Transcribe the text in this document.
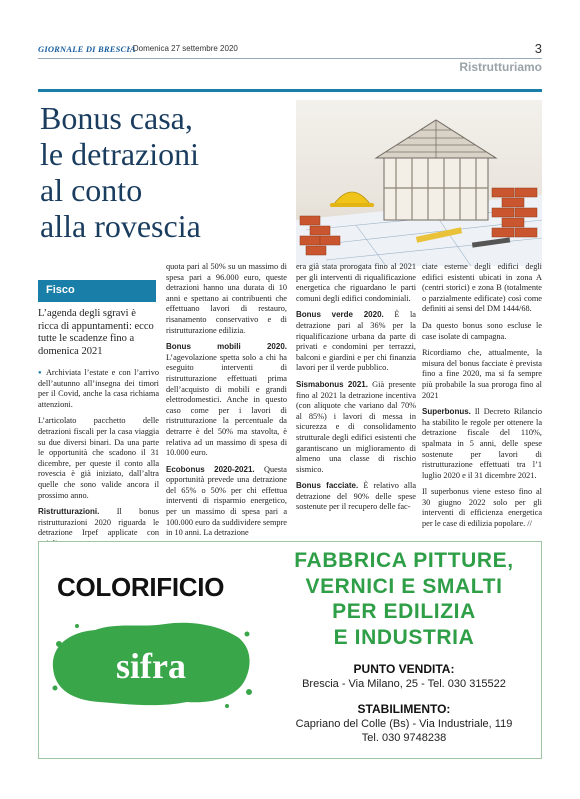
GIORNALE DI BRESCIA
· Domenica 27 settembre 2020	3
Ristrutturiamo
Bonus casa,
le detrazioni
al conto
alla rovescia
Fisco
L’agenda degli sgravi è ricca di appuntamenti: ecco tutte le scadenze fino a domenica 2021

● Archiviata l’estate e con l’arrivo dell’autunno all’insegna dei timori per il Covid, anche la casa richiama attenzioni.

L’articolato pacchetto delle detrazioni fiscali per la casa viaggia su due diversi binari. Da una parte le opportunità che scadono il 31 dicembre, per queste il conto alla rovescia è già iniziato, dall’altra quelle che sono valide ancora il prossimo anno.

Ristrutturazioni. Il bonus ristrutturazioni 2020 riguarda le detrazione Irpef applicate con

quota pari al 50% su un massimo di spesa pari a 96.000 euro, queste detrazioni hanno una durata di 10 anni e spettano ai contribuenti che effettuano lavori di restauro, risanamento conservativo e di ristrutturazione edilizia.

Bonus mobili 2020. L’agevolazione spetta solo a chi ha eseguito interventi di ristrutturazione effettuati prima dell’acquisto di mobili e grandi elettrodomestici. Anche in questo caso come per i lavori di ristrutturazione la percentuale da detrarre è del 50% ma stavolta, è relativa ad un massimo di spesa di 10.000 euro.

Ecobonus 2020-2021. Questa opportunità prevede una detrazione del 65% o 50% per chi effettua interventi di risparmio energetico, per un massimo di spesa pari a 100.000 euro da suddividere sempre in 10 anni. La detrazione

era già stata prorogata fino al 2021 per gli interventi di riqualificazione energetica che riguardano le parti comuni degli edifici condominiali.

Bonus verde 2020. È la detrazione pari al 36% per la riqualificazione urbana da parte di privati e condomini per terrazzi, balconi e giardini e per chi finanzia lavori per il verde pubblico.

Sismabonus 2021. Già presente fino al 2021 la detrazione incentiva (con aliquote che variano dal 70% al 85%) i lavori di messa in sicurezza e di consolidamento strutturale degli edifici esistenti che garantiscano un miglioramento di almeno una classe di rischio sismico.

Bonus facciate. È relativo alla detrazione del 90% delle spese sostenute per il recupero delle fac-

ciate esterne degli edifici degli edifici esistenti ubicati in zona A (centri storici) e zona B (totalmente o parzialmente edificate) così come definiti ai sensi del DM 1444/68.

Da questo bonus sono escluse le case isolate di campagna.

Ricordiamo che, attualmente, la misura del bonus facciate è prevista fino a fine 2020, ma si fa sempre più probabile la sua proroga fino al 2021

Superbonus. Il Decreto Rilancio ha stabilito le regole per ottenere la detrazione fiscale del 110%, spalmata in 5 anni, delle spese sostenute per lavori di ristrutturazione effettuati tra l’1 luglio 2020 e il 31 dicembre 2021.

Il superbonus viene esteso fino al 30 giugno 2022 solo per gli interventi di efficienza energetica per le case di edilizia popolare. //

COLORIFICIO
sifra
FABBRICA PITTURE,
VERNICI E SMALTI
PER EDILIZIA
E INDUSTRIA
PUNTO VENDITA:
Brescia - Via Milano, 25 - Tel. 030 315522
STABILIMENTO:
Capriano del Colle (Bs) - Via Industriale, 119
Tel. 030 9748238
